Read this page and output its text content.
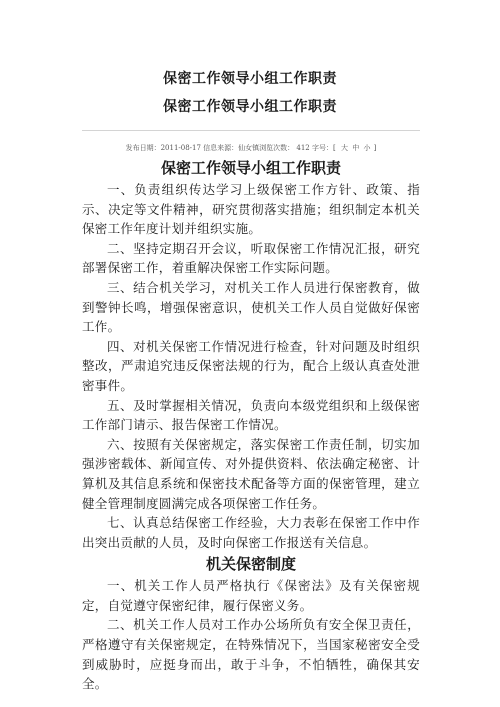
保密工作领导小组工作职责
保密工作领导小组工作职责
发布日期：2011-08-17 信息来源：仙女镇浏览次数： 412 字号：[ 大 中 小 ]
保密工作领导小组工作职责

一、负责组织传达学习上级保密工作方针、政策、指示、决定等文件精神，研究贯彻落实措施；组织制定本机关保密工作年度计划并组织实施。

二、坚持定期召开会议，听取保密工作情况汇报，研究部署保密工作，着重解决保密工作实际问题。

三、结合机关学习，对机关工作人员进行保密教育，做到警钟长鸣，增强保密意识，使机关工作人员自觉做好保密工作。

四、对机关保密工作情况进行检查，针对问题及时组织整改，严肃追究违反保密法规的行为，配合上级认真查处泄密事件。

五、及时掌握相关情况，负责向本级党组织和上级保密工作部门请示、报告保密工作情况。

六、按照有关保密规定，落实保密工作责任制，切实加强涉密载体、新闻宣传、对外提供资料、依法确定秘密、计算机及其信息系统和保密技术配备等方面的保密管理，建立健全管理制度圆满完成各项保密工作任务。

七、认真总结保密工作经验，大力表彰在保密工作中作出突出贡献的人员，及时向保密工作报送有关信息。

机关保密制度

一、机关工作人员严格执行《保密法》及有关保密规定，自觉遵守保密纪律，履行保密义务。

二、机关工作人员对工作办公场所负有安全保卫责任，严格遵守有关保密规定，在特殊情况下，当国家秘密安全受到威胁时，应挺身而出，敢于斗争，不怕牺牲，确保其安全。
